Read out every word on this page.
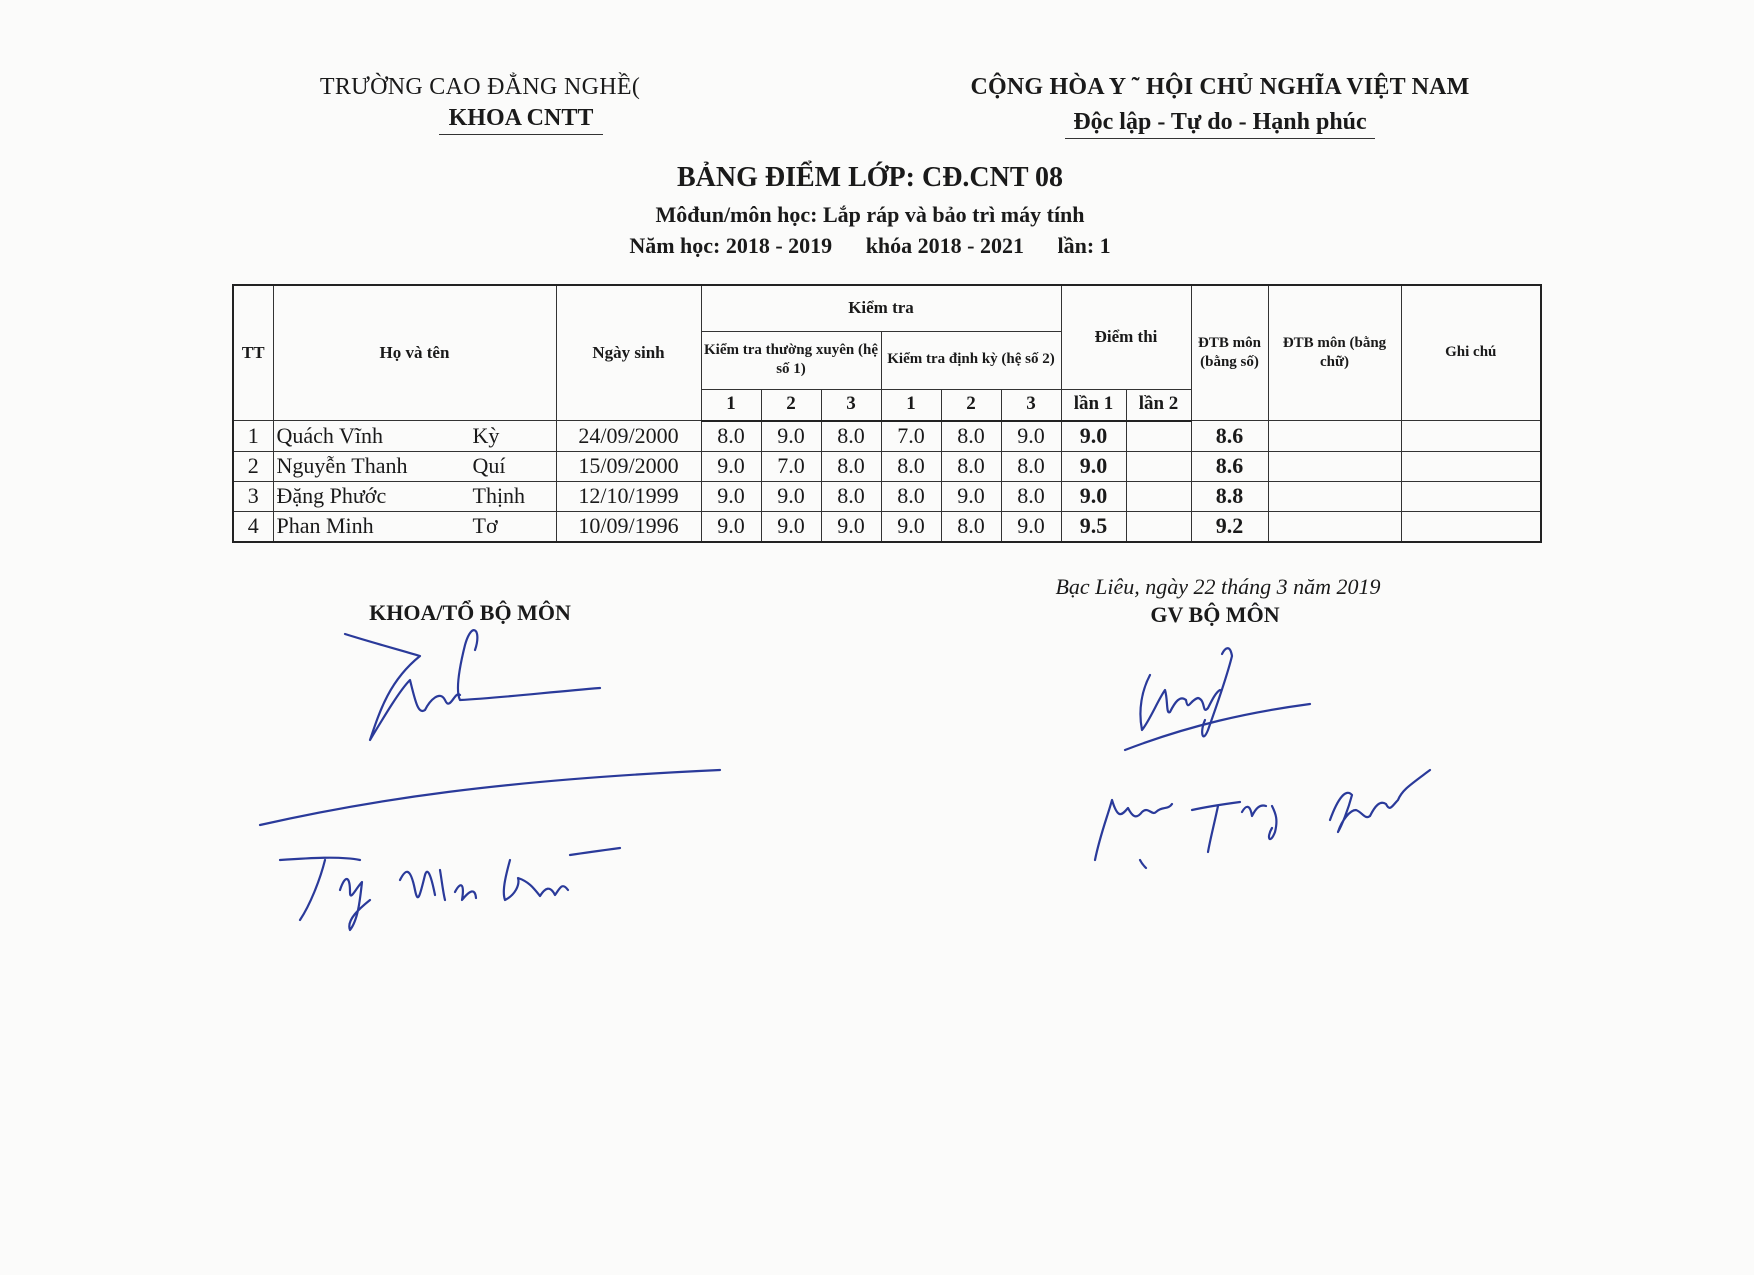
TRƯỜNG CAO ĐẲNG NGHỀ(
KHOA CNTT
CỘNG HÒA Y ˜ HỘI CHỦ NGHĨA VIỆT NAM
Độc lập - Tự do - Hạnh phúc
BẢNG ĐIỂM LỚP: CĐ.CNT 08
Môđun/môn học: Lắp ráp và bảo trì máy tính
Năm học: 2018 - 2019 khóa 2018 - 2021 lần: 1
TT	Họ và tên	Ngày sinh	Kiểm tra						Điểm thi		ĐTB môn (bằng số)	ĐTB môn (bằng chữ)	Ghi chú
			Kiểm tra thường xuyên (hệ số 1)			Kiểm tra định kỳ (hệ số 2)							
			1	2	3	1	2	3	lần 1	lần 2			
1	Quách Vĩnh Kỳ	24/09/2000	8.0	9.0	8.0	7.0	8.0	9.0	9.0		8.6		
2	Nguyễn Thanh Quí	15/09/2000	9.0	7.0	8.0	8.0	8.0	8.0	9.0		8.6		
3	Đặng Phước Thịnh	12/10/1999	9.0	9.0	8.0	8.0	9.0	8.0	9.0		8.8		
4	Phan Minh Tơ	10/09/1996	9.0	9.0	9.0	9.0	8.0	9.0	9.5		9.2		
Bạc Liêu, ngày 22 tháng 3 năm 2019
KHOA/TỔ BỘ MÔN	GV BỘ MÔN
